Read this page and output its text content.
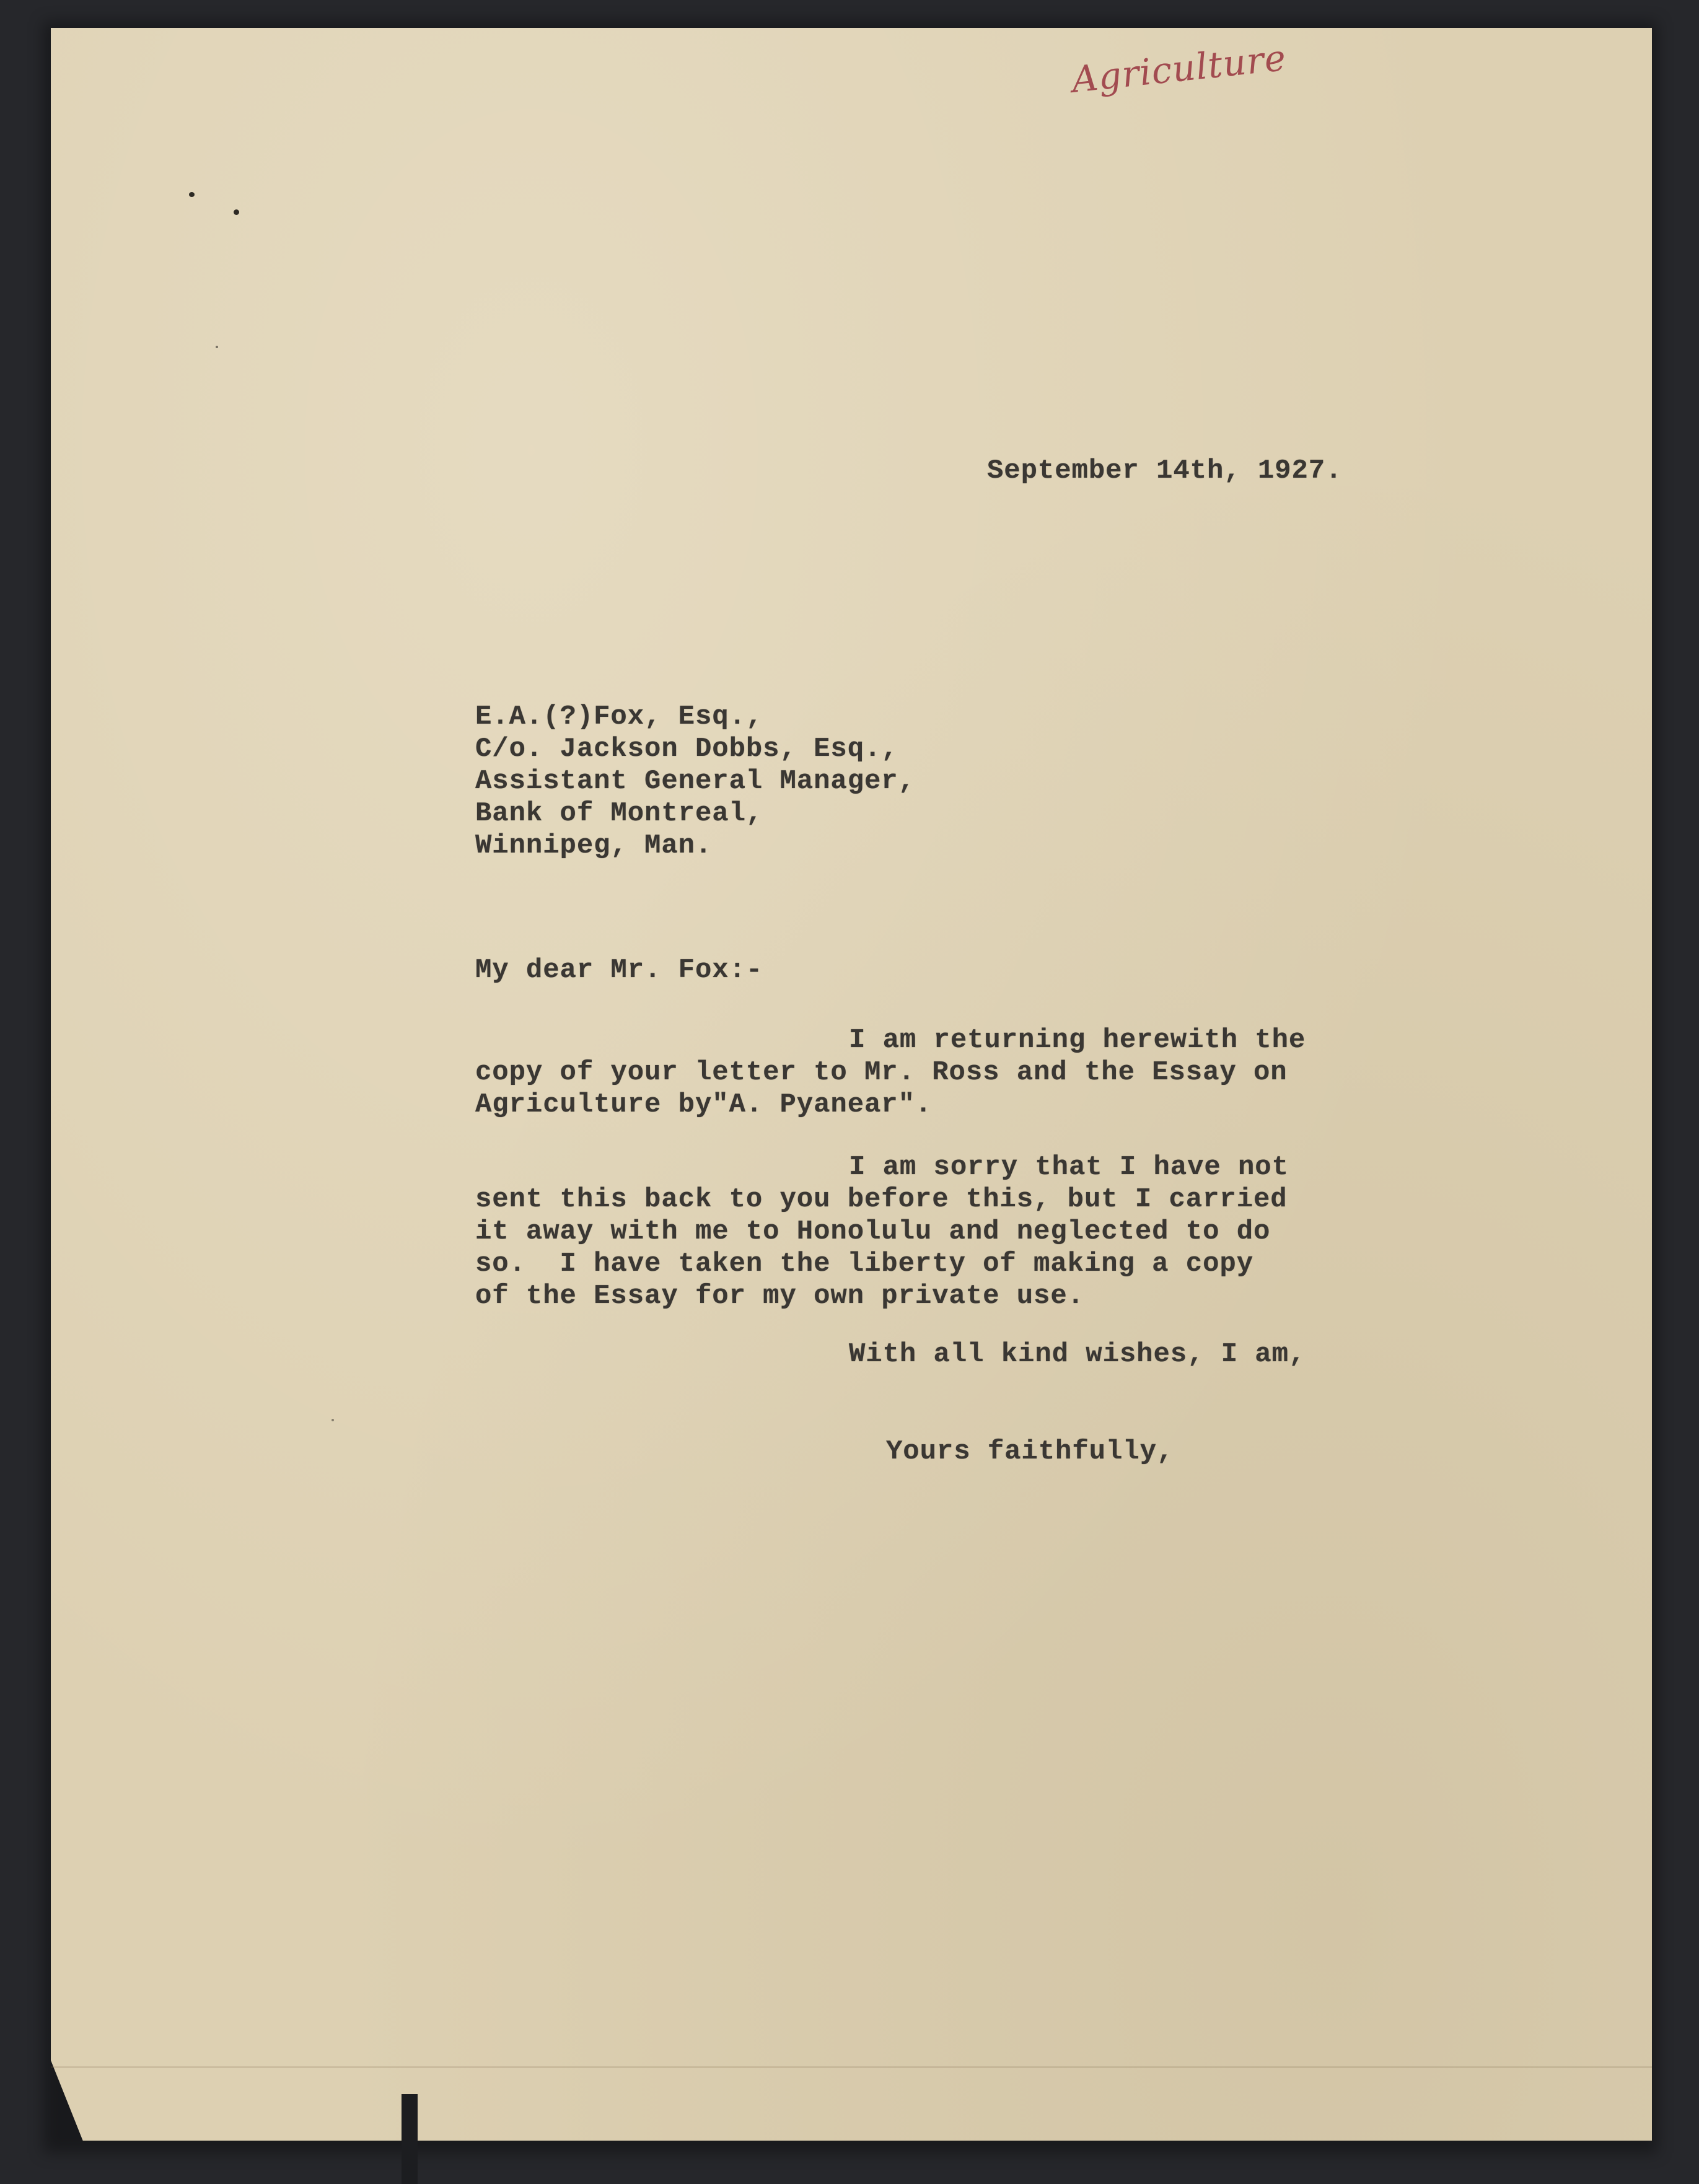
Agriculture
September 14th, 1927.
E.A.(?)Fox, Esq.,
C/o. Jackson Dobbs, Esq.,
Assistant General Manager,
Bank of Montreal,
Winnipeg, Man.
My dear Mr. Fox:-
I am returning herewith the
copy of your letter to Mr. Ross and the Essay on
Agriculture by"A. Pyanear".
I am sorry that I have not
sent this back to you before this, but I carried
it away with me to Honolulu and neglected to do
so.  I have taken the liberty of making a copy
of the Essay for my own private use.
With all kind wishes, I am,
Yours faithfully,
